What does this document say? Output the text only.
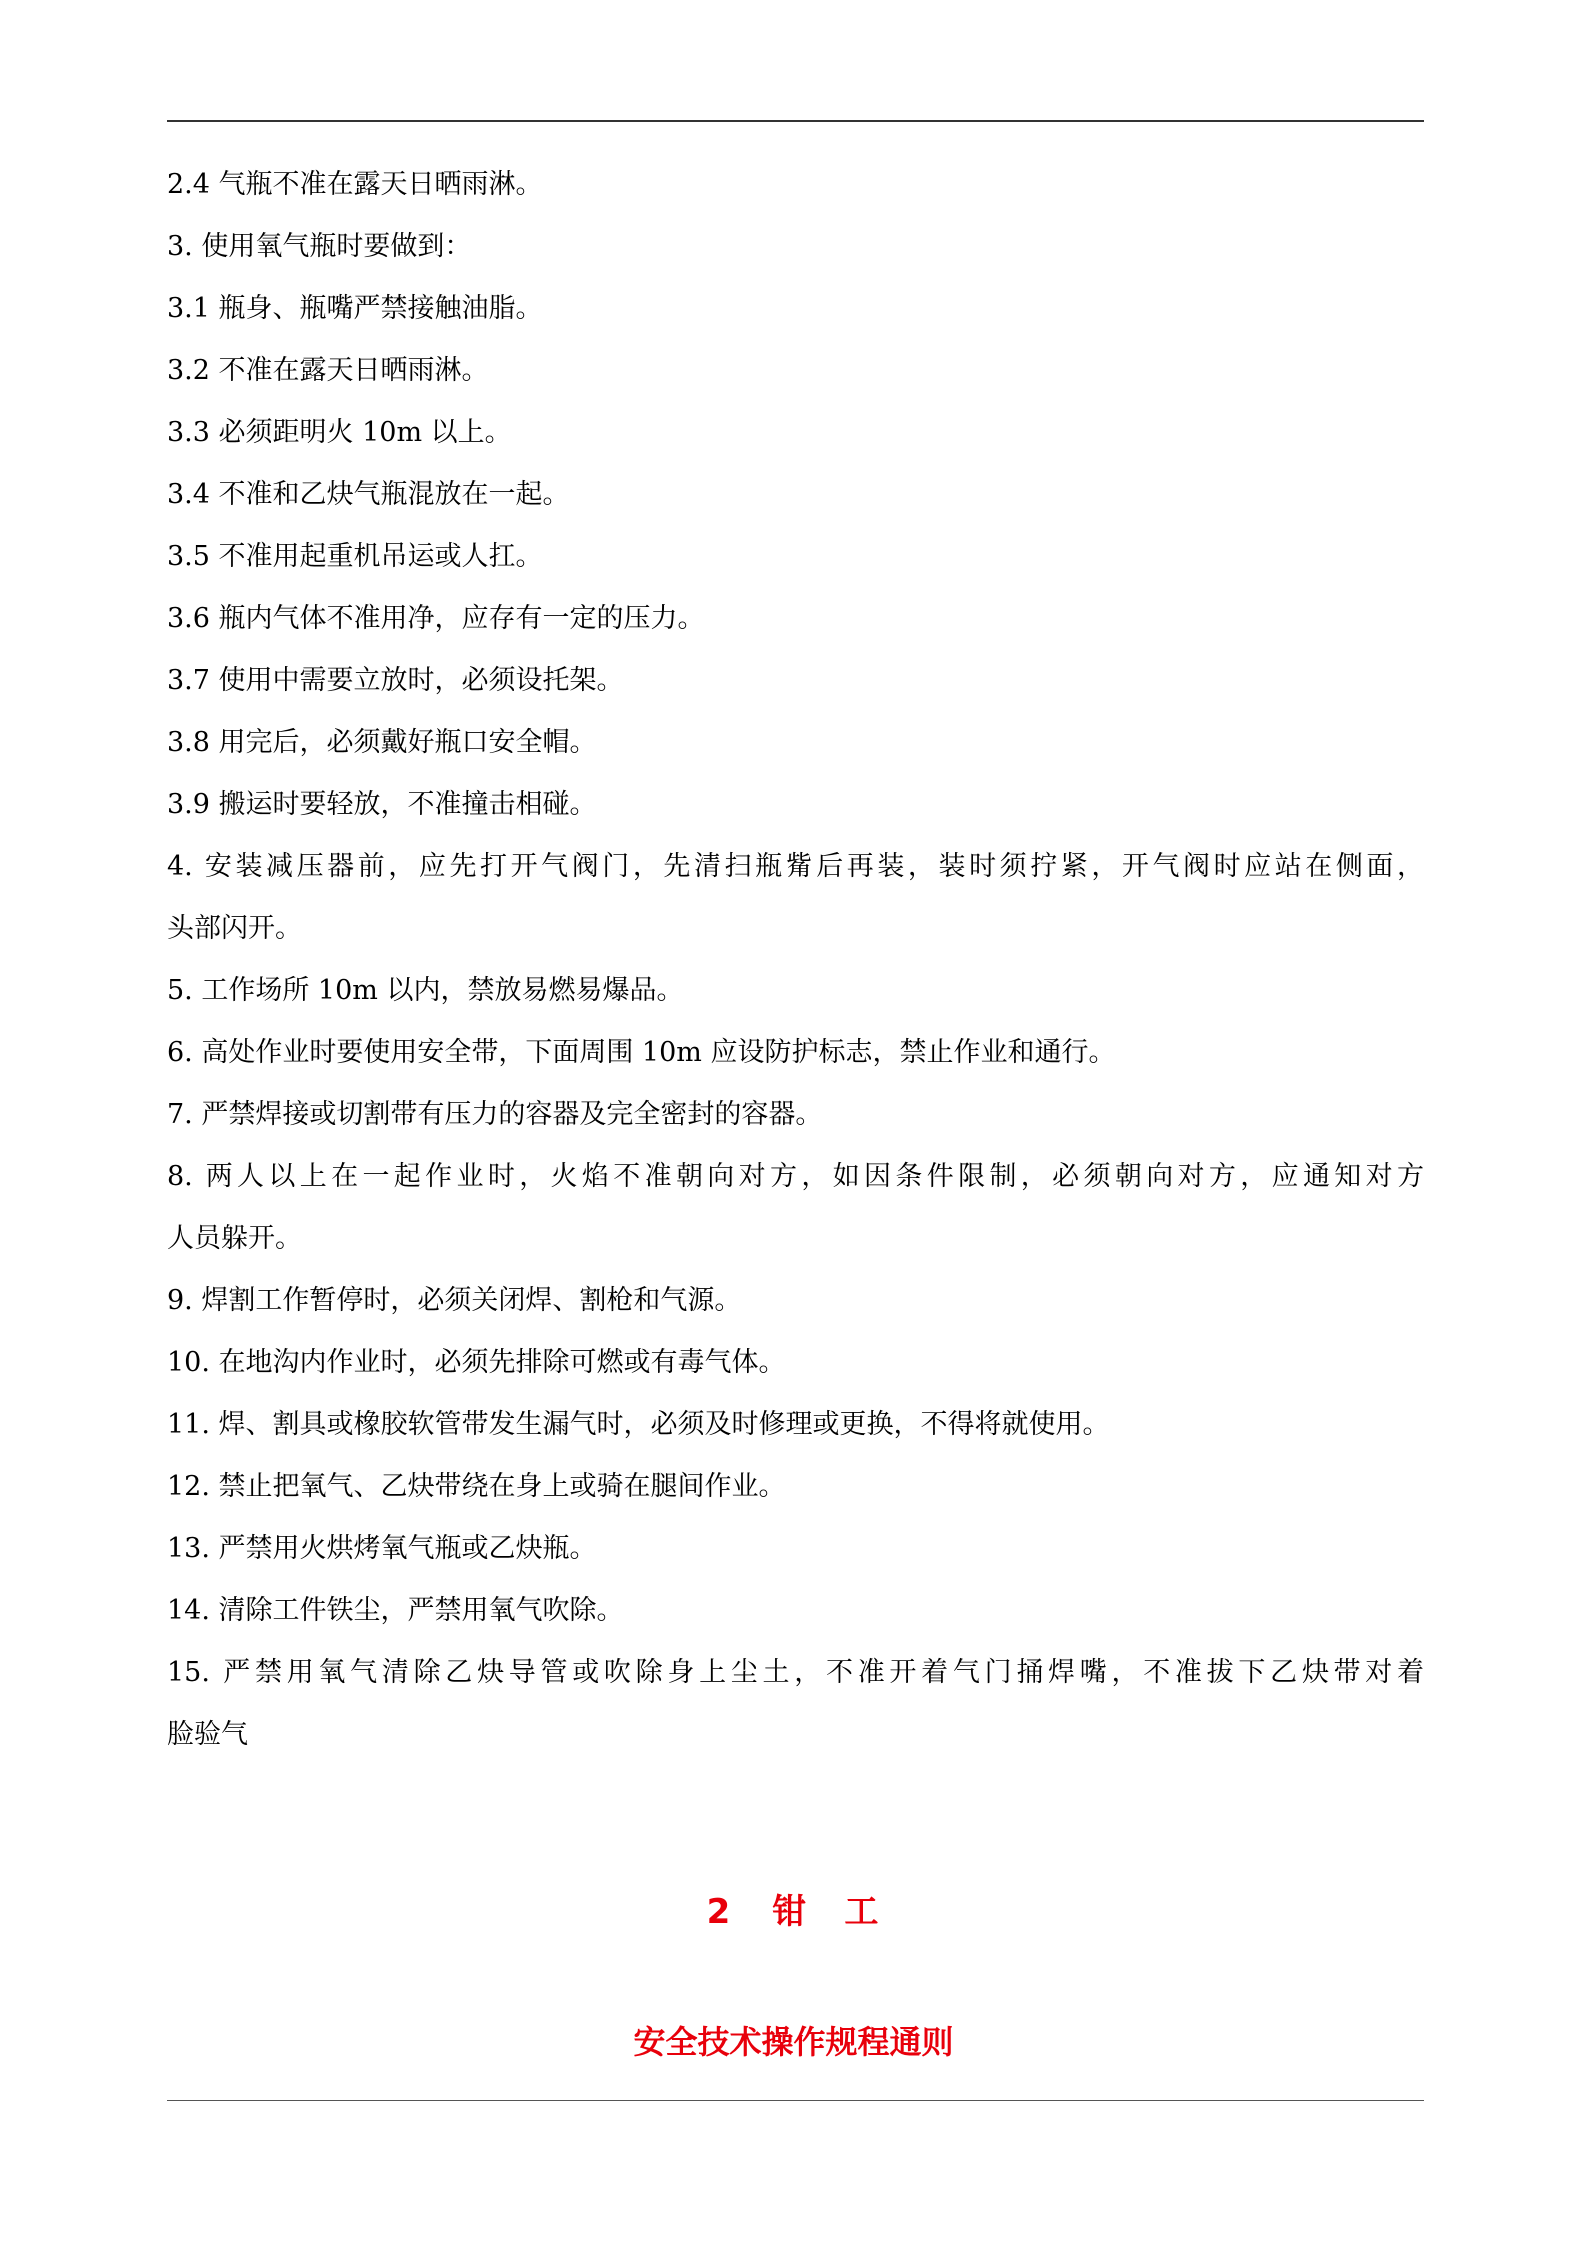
2.4 气瓶不准在露天日晒雨淋。
3. 使用氧气瓶时要做到：
3.1 瓶身、瓶嘴严禁接触油脂。
3.2 不准在露天日晒雨淋。
3.3 必须距明火 10m 以上。
3.4 不准和乙炔气瓶混放在一起。
3.5 不准用起重机吊运或人扛。
3.6 瓶内气体不准用净，应存有一定的压力。
3.7 使用中需要立放时，必须设托架。
3.8 用完后，必须戴好瓶口安全帽。
3.9 搬运时要轻放，不准撞击相碰。
4. 安装减压器前，应先打开气阀门，先清扫瓶觜后再装，装时须拧紧，开气阀时应站在侧面，
头部闪开。
5. 工作场所 10m 以内，禁放易燃易爆品。
6. 高处作业时要使用安全带，下面周围 10m 应设防护标志，禁止作业和通行。
7. 严禁焊接或切割带有压力的容器及完全密封的容器。
8. 两人以上在一起作业时，火焰不准朝向对方，如因条件限制，必须朝向对方，应通知对方
人员躲开。
9. 焊割工作暂停时，必须关闭焊、割枪和气源。
10. 在地沟内作业时，必须先排除可燃或有毒气体。
11. 焊、割具或橡胶软管带发生漏气时，必须及时修理或更换，不得将就使用。
12. 禁止把氧气、乙炔带绕在身上或骑在腿间作业。
13. 严禁用火烘烤氧气瓶或乙炔瓶。
14. 清除工件铁尘，严禁用氧气吹除。
15. 严禁用氧气清除乙炔导管或吹除身上尘土，不准开着气门捅焊嘴，不准拔下乙炔带对着
脸验气
2 钳　工
安全技术操作规程通则
